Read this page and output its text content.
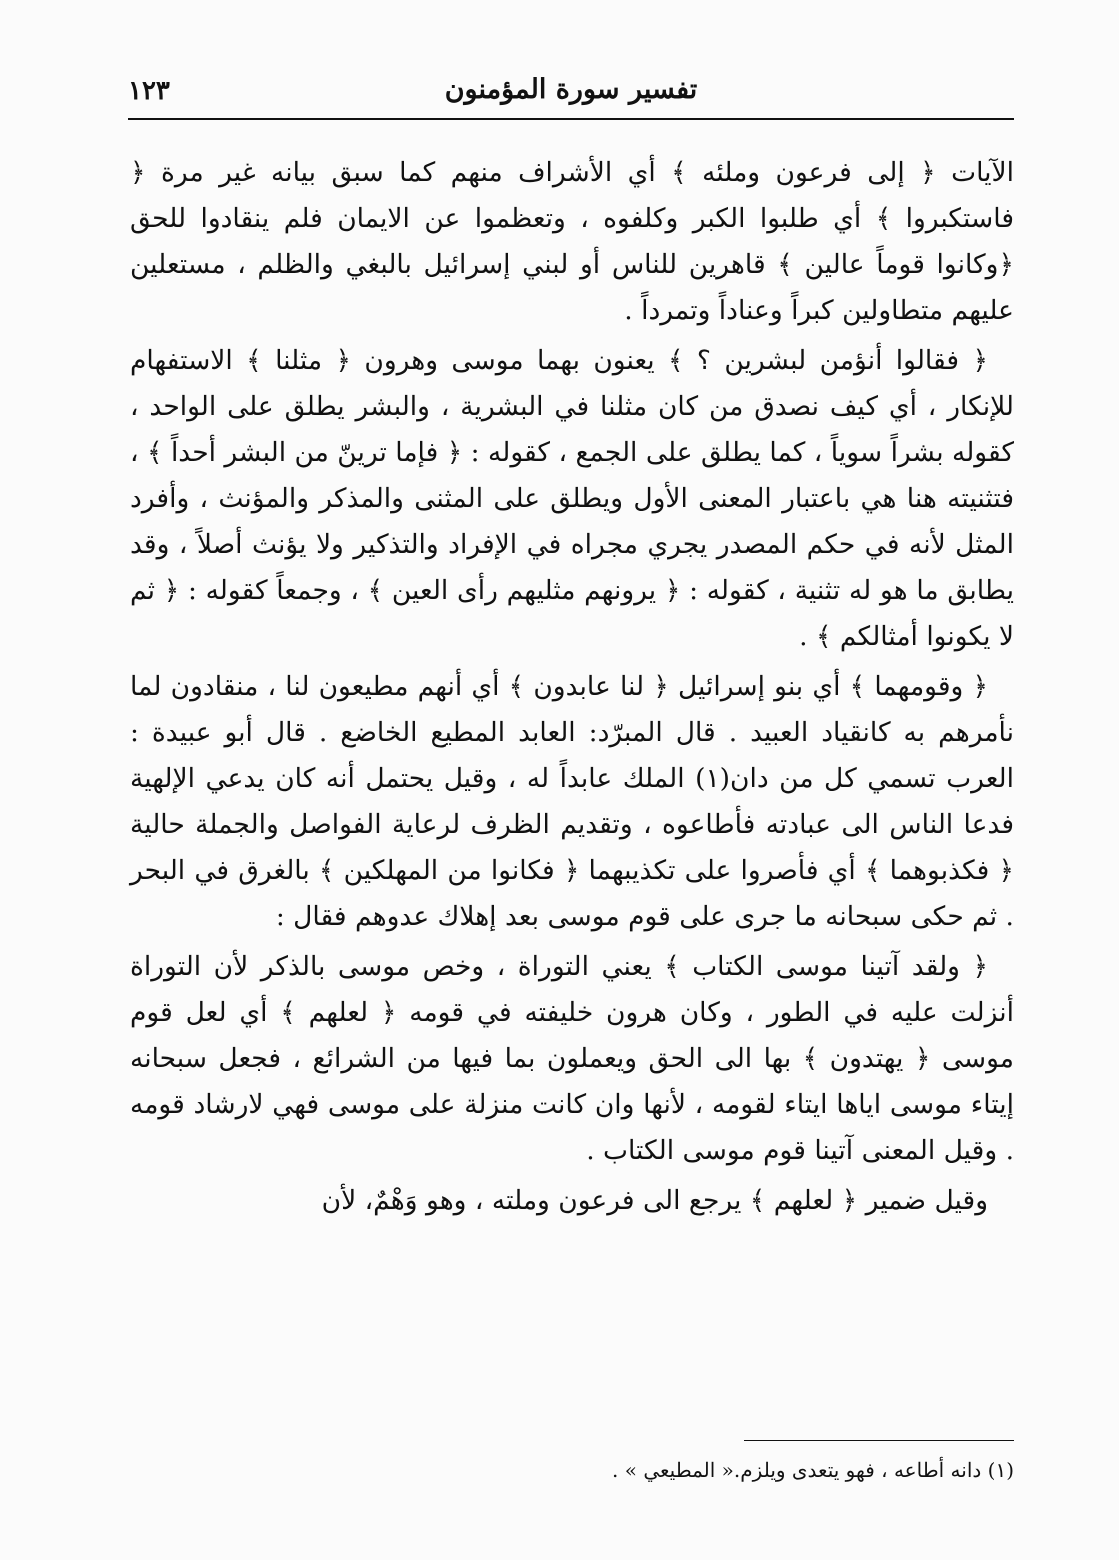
تفسير سورة المؤمنون
١٢٣

الآيات ﴿ إلى فرعون وملئه ﴾ أي الأشراف منهم كما سبق بيانه غير مرة ﴿ فاستكبروا ﴾ أي طلبوا الكبر وكلفوه ، وتعظموا عن الايمان فلم ينقادوا للحق ﴿وكانوا قوماً عالين ﴾ قاهرين للناس أو لبني إسرائيل بالبغي والظلم ، مستعلين عليهم متطاولين كبراً وعناداً وتمرداً .

﴿ فقالوا أنؤمن لبشرين ؟ ﴾ يعنون بهما موسى وهرون ﴿ مثلنا ﴾ الاستفهام للإنكار ، أي كيف نصدق من كان مثلنا في البشرية ، والبشر يطلق على الواحد ، كقوله بشراً سوياً ، كما يطلق على الجمع ، كقوله : ﴿ فإما ترينّ من البشر أحداً ﴾ ، فتثنيته هنا هي باعتبار المعنى الأول ويطلق على المثنى والمذكر والمؤنث ، وأفرد المثل لأنه في حكم المصدر يجري مجراه في الإفراد والتذكير ولا يؤنث أصلاً ، وقد يطابق ما هو له تثنية ، كقوله : ﴿ يرونهم مثليهم رأى العين ﴾ ، وجمعاً كقوله : ﴿ ثم لا يكونوا أمثالكم ﴾ .

﴿ وقومهما ﴾ أي بنو إسرائيل ﴿ لنا عابدون ﴾ أي أنهم مطيعون لنا ، منقادون لما نأمرهم به كانقياد العبيد . قال المبرّد: العابد المطيع الخاضع . قال أبو عبيدة : العرب تسمي كل من دان(١) الملك عابداً له ، وقيل يحتمل أنه كان يدعي الإلهية فدعا الناس الى عبادته فأطاعوه ، وتقديم الظرف لرعاية الفواصل والجملة حالية ﴿ فكذبوهما ﴾ أي فأصروا على تكذيبهما ﴿ فكانوا من المهلكين ﴾ بالغرق في البحر . ثم حكى سبحانه ما جرى على قوم موسى بعد إهلاك عدوهم فقال :

﴿ ولقد آتينا موسى الكتاب ﴾ يعني التوراة ، وخص موسى بالذكر لأن التوراة أنزلت عليه في الطور ، وكان هرون خليفته في قومه ﴿ لعلهم ﴾ أي لعل قوم موسى ﴿ يهتدون ﴾ بها الى الحق ويعملون بما فيها من الشرائع ، فجعل سبحانه إيتاء موسى اياها ايتاء لقومه ، لأنها وان كانت منزلة على موسى فهي لارشاد قومه . وقيل المعنى آتينا قوم موسى الكتاب .

وقيل ضمير ﴿ لعلهم ﴾ يرجع الى فرعون وملته ، وهو وَهْمٌ، لأن

(١) دانه أطاعه ، فهو يتعدى ويلزم.« المطيعي » .
